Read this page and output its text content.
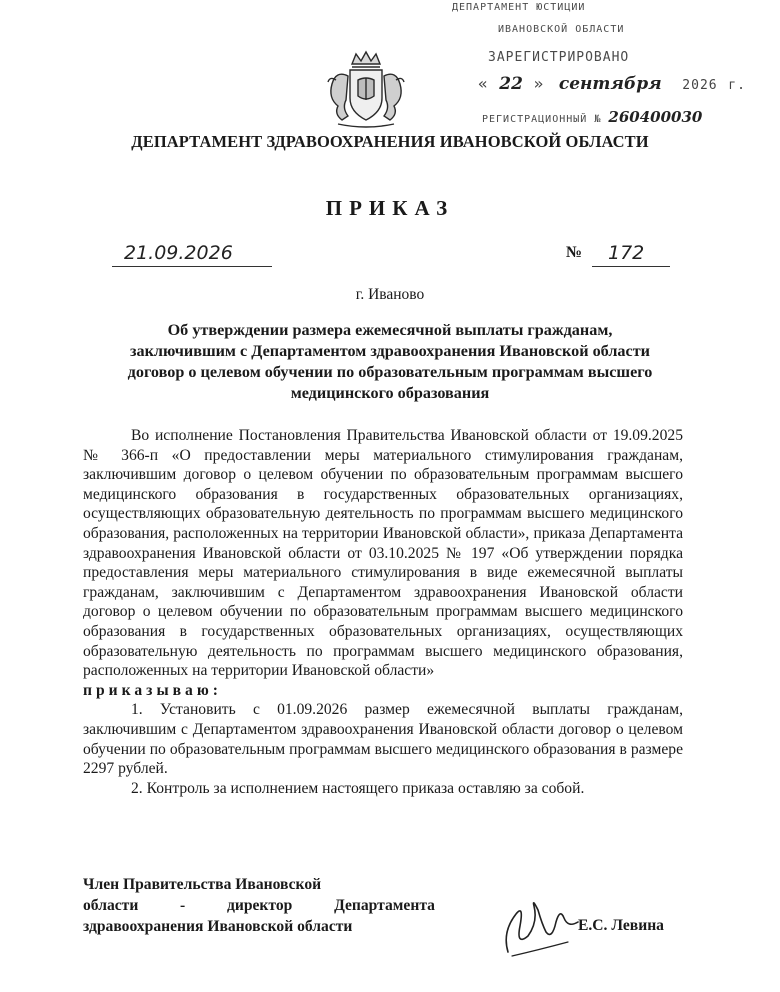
ДЕПАРТАМЕНТ ЮСТИЦИИ
ИВАНОВСКОЙ ОБЛАСТИ
ЗАРЕГИСТРИРОВАНО
« 22 » сентября 2026 г.
РЕГИСТРАЦИОННЫЙ № 260400030
ДЕПАРТАМЕНТ ЗДРАВООХРАНЕНИЯ ИВАНОВСКОЙ ОБЛАСТИ
ПРИКАЗ
21.09.2026	№ 172
г. Иваново
Об утверждении размера ежемесячной выплаты гражданам,
заключившим с Департаментом здравоохранения Ивановской области
договор о целевом обучении по образовательным программам высшего
медицинского образования

Во исполнение Постановления Правительства Ивановской области от 19.09.2025 № 366-п «О предоставлении меры материального стимулирования гражданам, заключившим договор о целевом обучении по образовательным программам высшего медицинского образования в государственных образовательных организациях, осуществляющих образовательную деятельность по программам высшего медицинского образования, расположенных на территории Ивановской области», приказа Департамента здравоохранения Ивановской области от 03.10.2025 № 197 «Об утверждении порядка предоставления меры материального стимулирования в виде ежемесячной выплаты гражданам, заключившим с Департаментом здравоохранения Ивановской области договор о целевом обучении по образовательным программам высшего медицинского образования в государственных образовательных организациях, осуществляющих образовательную деятельность по программам высшего медицинского образования, расположенных на территории Ивановской области»
приказываю:

1. Установить с 01.09.2026 размер ежемесячной выплаты гражданам, заключившим с Департаментом здравоохранения Ивановской области договор о целевом обучении по образовательным программам высшего медицинского образования в размере 2297 рублей.

2. Контроль за исполнением настоящего приказа оставляю за собой.

Член Правительства Ивановской
области	-	директор	Департамента
здравоохранения Ивановской области	Е.С. Левина
